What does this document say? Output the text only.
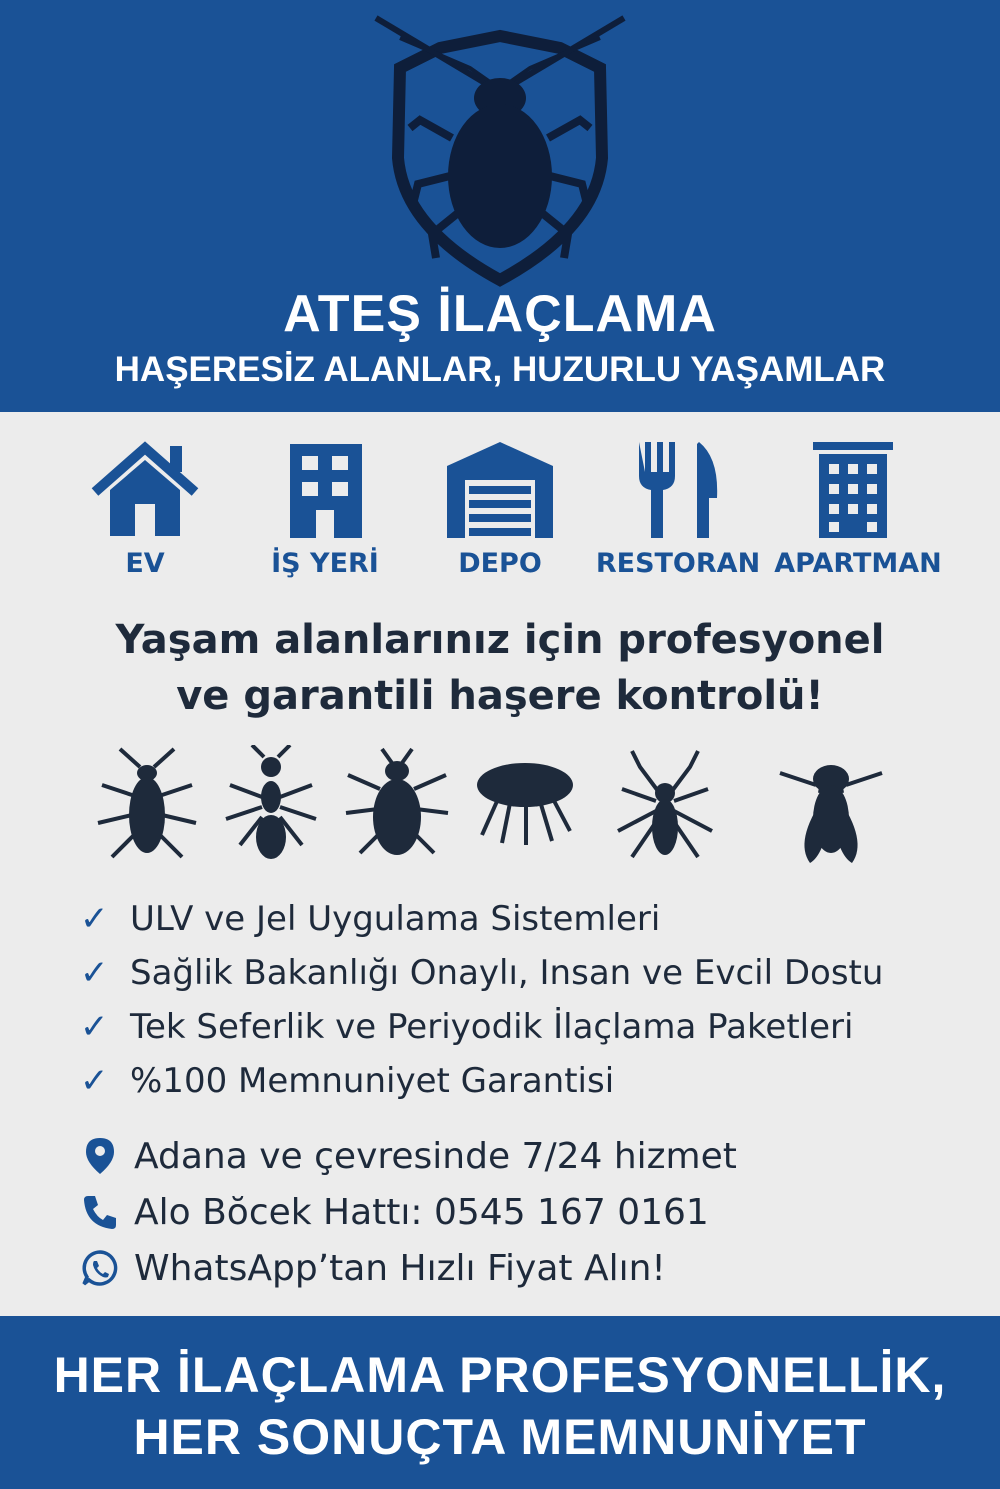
ATEŞ İLAÇLAMA
HAŞERESİZ ALANLAR, HUZURLU YAŞAMLAR
EV	İŞ YERİ	DEPO	RESTORAN APARTMAN
Yaşam alanlarınız için profesyonel
ve garantili haşere kontrolü!
✓ ULV ve Jel Uygulama Sistemleri
✓ Sağlik Bakanlığı Onaylı, Insan ve Evcil Dostu
✓ Tek Seferlik ve Periyodik İlaçlama Paketleri
✓ %100 Memnuniyet Garantisi
Adana ve çevresinde 7/24 hizmet
Alo Bŏcek Hattı: 0545 167 0161
WhatsApp’tan Hızlı Fiyat Alın!
HER İLAÇLAMA PROFESYONELLİK,
HER SONUÇTA MEMNUNİYET
